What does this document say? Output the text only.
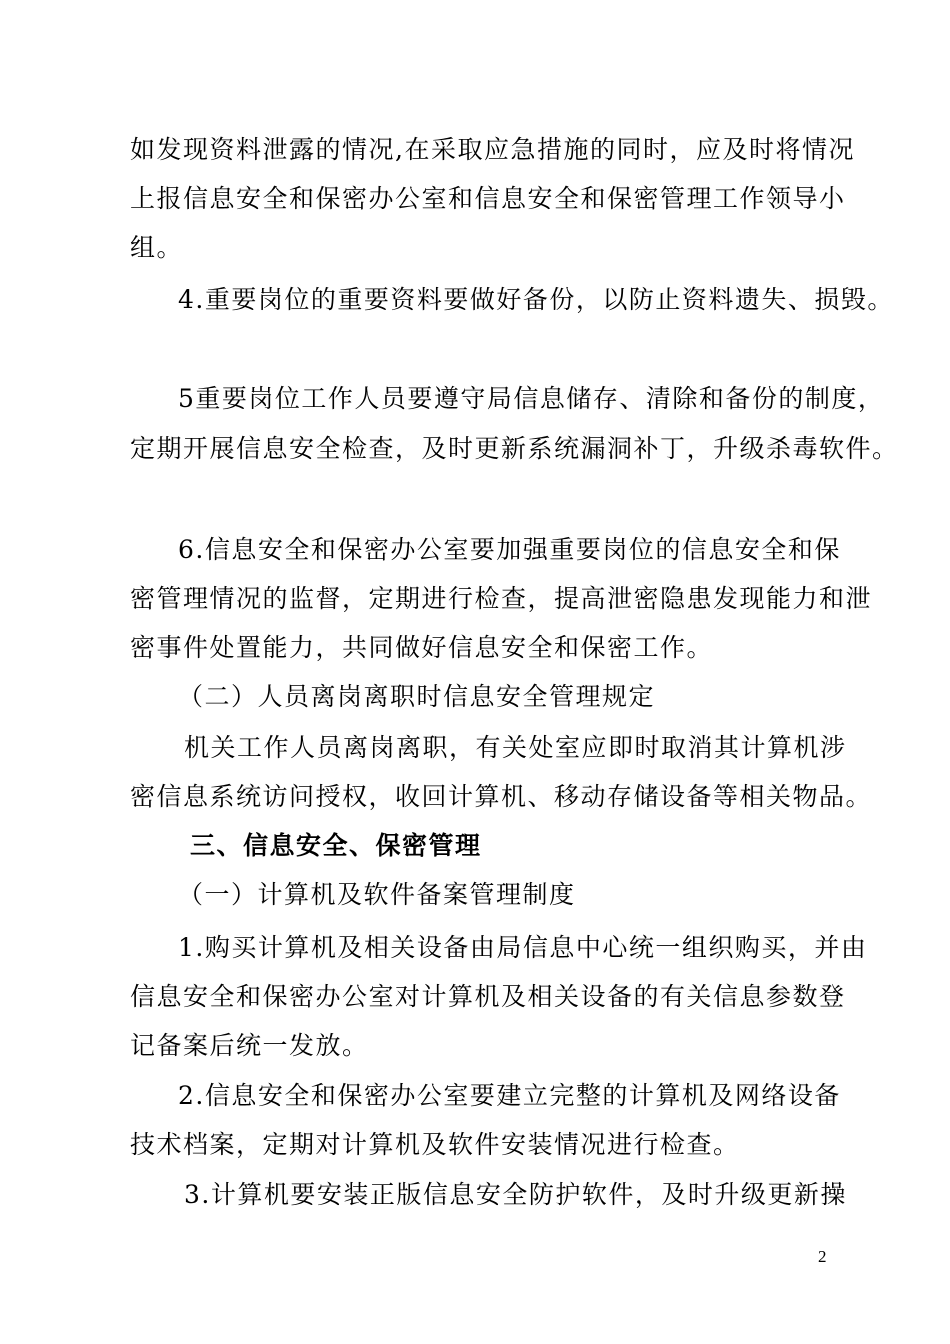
如发现资料泄露的情况,在采取应急措施的同时，应及时将情况
上报信息安全和保密办公室和信息安全和保密管理工作领导小
组。
4.重要岗位的重要资料要做好备份，以防止资料遗失、损毁。
5重要岗位工作人员要遵守局信息储存、清除和备份的制度，
定期开展信息安全检查，及时更新系统漏洞补丁，升级杀毒软件。
6.信息安全和保密办公室要加强重要岗位的信息安全和保
密管理情况的监督，定期进行检查，提高泄密隐患发现能力和泄
密事件处置能力，共同做好信息安全和保密工作。
（二）人员离岗离职时信息安全管理规定
机关工作人员离岗离职，有关处室应即时取消其计算机涉
密信息系统访问授权，收回计算机、移动存储设备等相关物品。
三、信息安全、保密管理
（一）计算机及软件备案管理制度
1.购买计算机及相关设备由局信息中心统一组织购买，并由
信息安全和保密办公室对计算机及相关设备的有关信息参数登
记备案后统一发放。
2.信息安全和保密办公室要建立完整的计算机及网络设备
技术档案，定期对计算机及软件安装情况进行检查。
3.计算机要安装正版信息安全防护软件，及时升级更新操
2
